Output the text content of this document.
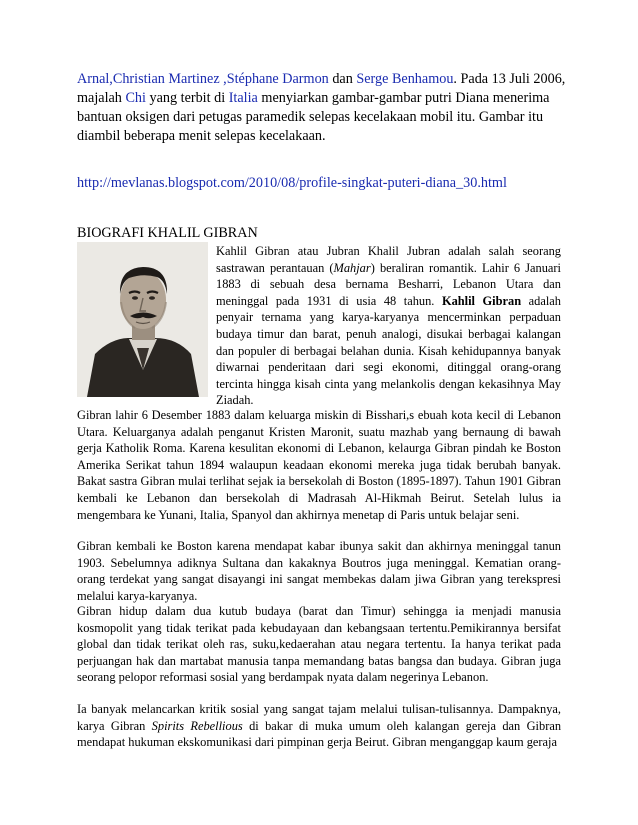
Arnal,Christian Martinez ,Stéphane Darmon dan Serge Benhamou. Pada 13 Juli 2006, majalah Chi yang terbit di Italia menyiarkan gambar-gambar putri Diana menerima bantuan oksigen dari petugas paramedik selepas kecelakaan mobil itu. Gambar itu diambil beberapa menit selepas kecelakaan.
http://mevlanas.blogspot.com/2010/08/profile-singkat-puteri-diana_30.html
BIOGRAFI KHALIL GIBRAN
Kahlil Gibran atau Jubran Khalil Jubran adalah salah seorang sastrawan perantauan (Mahjar) beraliran romantik. Lahir 6 Januari 1883 di sebuah desa bernama Besharri, Lebanon Utara dan meninggal pada 1931 di usia 48 tahun. Kahlil Gibran adalah penyair ternama yang karya-karyanya mencerminkan perpaduan budaya timur dan barat, penuh analogi, disukai berbagai kalangan dan populer di berbagai belahan dunia. Kisah kehidupannya banyak diwarnai penderitaan dari segi ekonomi, ditinggal orang-orang tercinta hingga kisah cinta yang melankolis dengan kekasihnya May Ziadah.
Gibran lahir 6 Desember 1883 dalam keluarga miskin di Bisshari,s ebuah kota kecil di Lebanon Utara. Keluarganya adalah penganut Kristen Maronit, suatu mazhab yang bernaung di bawah gerja Katholik Roma. Karena kesulitan ekonomi di Lebanon, kelaurga Gibran pindah ke Boston Amerika Serikat tahun 1894 walaupun keadaan ekonomi mereka juga tidak berubah banyak. Bakat sastra Gibran mulai terlihat sejak ia bersekolah di Boston (1895-1897). Tahun 1901 Gibran kembali ke Lebanon dan bersekolah di Madrasah Al-Hikmah Beirut. Setelah lulus ia mengembara ke Yunani, Italia, Spanyol dan akhirnya menetap di Paris untuk belajar seni.
Gibran kembali ke Boston karena mendapat kabar ibunya sakit dan akhirnya meninggal tanun 1903. Sebelumnya adiknya Sultana dan kakaknya Boutros juga meninggal. Kematian orang-orang terdekat yang sangat disayangi ini sangat membekas dalam jiwa Gibran yang terekspresi melalui karya-karyanya.
Gibran hidup dalam dua kutub budaya (barat dan Timur) sehingga ia menjadi manusia kosmopolit yang tidak terikat pada kebudayaan dan kebangsaan tertentu.Pemikirannya bersifat global dan tidak terikat oleh ras, suku,kedaerahan atau negara tertentu. Ia hanya terikat pada perjuangan hak dan martabat manusia tanpa memandang batas bangsa dan budaya. Gibran juga seorang pelopor reformasi sosial yang berdampak nyata dalam negerinya Lebanon.
Ia banyak melancarkan kritik sosial yang sangat tajam melalui tulisan-tulisannya. Dampaknya, karya Gibran Spirits Rebellious di bakar di muka umum oleh kalangan gereja dan Gibran mendapat hukuman ekskomunikasi dari pimpinan gerja Beirut. Gibran menganggap kaum geraja
